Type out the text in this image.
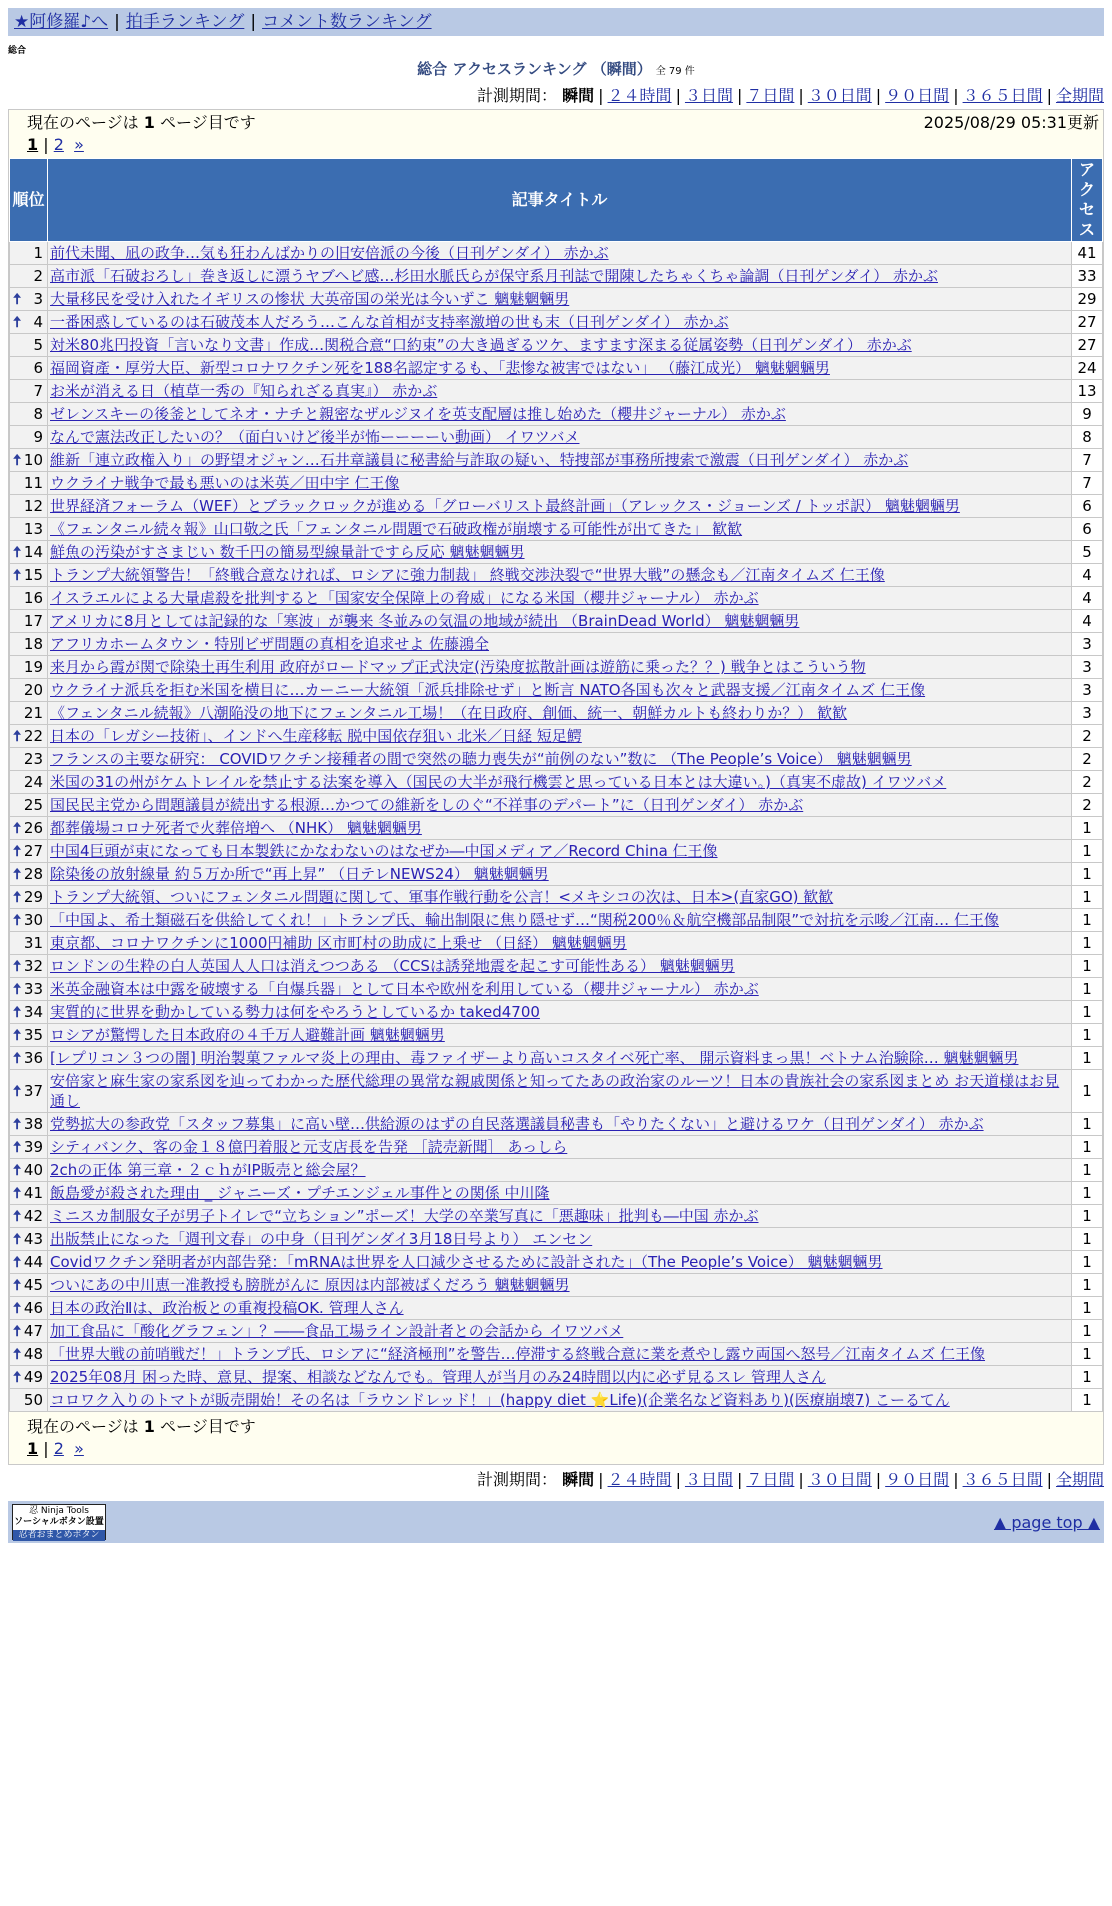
★阿修羅♪へ | 拍手ランキング | コメント数ランキング
総合
総合 アクセスランキング （瞬間） 全 79 件
計測期間： 瞬間 | ２４時間 | ３日間 | ７日間 | ３０日間 | ９０日間 | ３６５日間 | 全期間
現在のページは 1 ページ目です	2025/08/29 05:31更新
1 | 2 »
順位	記事タイトル	アクセス
1	前代未聞、凪の政争…気も狂わんばかりの旧安倍派の今後（日刊ゲンダイ） 赤かぶ	41
2	高市派「石破おろし」巻き返しに漂うヤブヘビ感…杉田水脈氏らが保守系月刊誌で開陳したちゃくちゃ論調（日刊ゲンダイ） 赤かぶ	33

🠅 3	大量移民を受け入れたイギリスの惨状 大英帝国の栄光は今いずこ 魑魅魍魎男	29

🠅 4	一番困惑しているのは石破茂本人だろう…こんな首相が支持率激増の世も末（日刊ゲンダイ） 赤かぶ	27
5	対米80兆円投資「言いなり文書」作成…関税合意“口約束”の大き過ぎるツケ、ますます深まる従属姿勢（日刊ゲンダイ） 赤かぶ	27
6	福岡資產・厚労大臣、新型コロナワクチン死を188名認定するも、「悲惨な被害ではない」 （藤江成光） 魑魅魍魎男	24
7	お米が消える日（植草一秀の『知られざる真実』） 赤かぶ	13
8	ゼレンスキーの後釜としてネオ・ナチと親密なザルジヌイを英支配層は推し始めた（櫻井ジャーナル） 赤かぶ	9
9	なんで憲法改正したいの？（面白いけど後半が怖ーーーーい動画） イワツバメ	8

🠅 10	維新「連立政権入り」の野望オジャン…石井章議員に秘書給与詐取の疑い、特捜部が事務所捜索で激震（日刊ゲンダイ） 赤かぶ	7
11	ウクライナ戦争で最も悪いのは米英／田中宇 仁王像	7
12	世界経済フォーラム（WEF）とブラックロックが進める「グローバリスト最終計画」（アレックス・ジョーンズ / トッポ訳） 魑魅魍魎男	6
13	《フェンタニル続々報》山口敬之氏「フェンタニル問題で石破政権が崩壊する可能性が出てきた」 歓歓	6

🠅 14	鮮魚の汚染がすさまじい 数千円の簡易型線量計ですら反応 魑魅魍魎男	5

🠅 15	トランプ大統領警告！「終戦合意なければ、ロシアに強力制裁」 終戦交渉決裂で“世界大戦”の懸念も／江南タイムズ 仁王像	4
16	イスラエルによる大量虐殺を批判すると「国家安全保障上の脅威」になる米国（櫻井ジャーナル） 赤かぶ	4
17	アメリカに8月としては記録的な「寒波」が襲来 冬並みの気温の地域が続出 （BrainDead World） 魑魅魍魎男	4
18	アフリカホームタウン・特別ビザ問題の真相を追求せよ 佐藤鴻全	3
19	来月から霞が関で除染土再生利用 政府がロードマップ正式決定(汚染度拡散計画は遊筋に乗った？？) 戦争とはこういう物	3
20	ウクライナ派兵を拒む米国を横目に…カーニー大統領「派兵排除せず」と断言 NATO各国も次々と武器支援／江南タイムズ 仁王像	3
21	《フェンタニル続報》八潮陥没の地下にフェンタニル工場！（在日政府、創価、統一、朝鮮カルトも終わりか？） 歓歓	3

🠅 22	日本の「レガシー技術」、インドへ生産移転 脱中国依存狙い 北米／日経 短足鰐	2
23	フランスの主要な研究： COVIDワクチン接種者の間で突然の聴力喪失が“前例のない”数に （The People’s Voice） 魑魅魍魎男	2
24	米国の31の州がケムトレイルを禁止する法案を導入（国民の大半が飛行機雲と思っている日本とは大違い。)（真実不虚故) イワツバメ	2
25	国民民主党から問題議員が続出する根源…かつての維新をしのぐ“不祥事のデパート”に（日刊ゲンダイ） 赤かぶ	2

🠅 26	都葬儀場コロナ死者で火葬倍増へ （NHK） 魑魅魍魎男	1

🠅 27	中国4巨頭が束になっても日本製鉄にかなわないのはなぜか―中国メディア／Record China 仁王像	1

🠅 28	除染後の放射線量 約５万か所で“再上昇” （日テレNEWS24） 魑魅魍魎男	1

🠅 29	トランプ大統領、ついにフェンタニル問題に関して、軍事作戦行動を公言！<メキシコの次は、日本>(直家GO) 歓歓	1

🠅 30	「中国よ、希土類磁石を供給してくれ！」トランプ氏、輸出制限に焦り隠せず…“関税200％＆航空機部品制限”で対抗を示唆／江南… 仁王像	1
31	東京都、コロナワクチンに1000円補助 区市町村の助成に上乗せ （日経） 魑魅魍魎男	1

🠅 32	ロンドンの生粋の白人英国人人口は消えつつある （CCSは誘発地震を起こす可能性ある） 魑魅魍魎男	1

🠅 33	米英金融資本は中露を破壊する「自爆兵器」として日本や欧州を利用している（櫻井ジャーナル） 赤かぶ	1

🠅 34	実質的に世界を動かしている勢力は何をやろうとしているか taked4700	1

🠅 35	ロシアが驚愕した日本政府の４千万人避難計画 魑魅魍魎男	1

🠅 36	[レプリコン３つの闇] 明治製菓ファルマ炎上の理由、毒ファイザーより高いコスタイベ死亡率、 開示資料まっ黒！ベトナム治験除… 魑魅魍魎男	1

🠅 37	安倍家と麻生家の家系図を辿ってわかった歴代総理の異常な親戚関係と知ってたあの政治家のルーツ！日本の貴族社会の家系図まとめ お天道様はお見通し	1

🠅 38	党勢拡大の参政党「スタッフ募集」に高い壁…供給源のはずの自民落選議員秘書も「やりたくない」と避けるワケ（日刊ゲンダイ） 赤かぶ	1

🠅 39	シティバンク、客の金１８億円着服と元支店長を告発 ［読売新聞］ あっしら	1

🠅 40	2chの正体 第三章・２ｃｈがIP販売と総会屋？	1

🠅 41	飯島愛が殺された理由 _ ジャニーズ・プチエンジェル事件との関係 中川隆	1

🠅 42	ミニスカ制服女子が男子トイレで“立ちション”ポーズ！大学の卒業写真に「悪趣味」批判も―中国 赤かぶ	1

🠅 43	出版禁止になった「週刊文春」の中身（日刊ゲンダイ3月18日号より） エンセン	1

🠅 44	Covidワクチン発明者が内部告発：「mRNAは世界を人口減少させるために設計された」（The People’s Voice） 魑魅魍魎男	1

🠅 45	ついにあの中川恵一准教授も膀胱がんに 原因は内部被ばくだろう 魑魅魍魎男	1

🠅 46	日本の政治Ⅱは、政治板との重複投稿OK. 管理人さん	1

🠅 47	加工食品に「酸化グラフェン」？――食品工場ライン設計者との会話から イワツバメ	1

🠅 48	「世界大戦の前哨戦だ！」トランプ氏、ロシアに“経済極刑”を警告…停滞する終戦合意に業を煮やし露ウ両国へ怒号／江南タイムズ 仁王像	1

🠅 49	2025年08月 困った時、意見、提案、相談などなんでも。管理人が当月のみ24時間以内に必ず見るスレ 管理人さん	1
50	コロワク入りのトマトが販売開始！その名は「ラウンドレッド！」(happy diet ⭐Life)(企業名など資料あり)(医療崩壊7) こーるてん	1
現在のページは 1 ページ目です
1 | 2 »
計測期間： 瞬間 | ２４時間 | ３日間 | ７日間 | ３０日間 | ９０日間 | ３６５日間 | 全期間
忍 Ninja Tools
ソーシャルボタン設置
忍者おまとめボタン
▲ page top ▲
